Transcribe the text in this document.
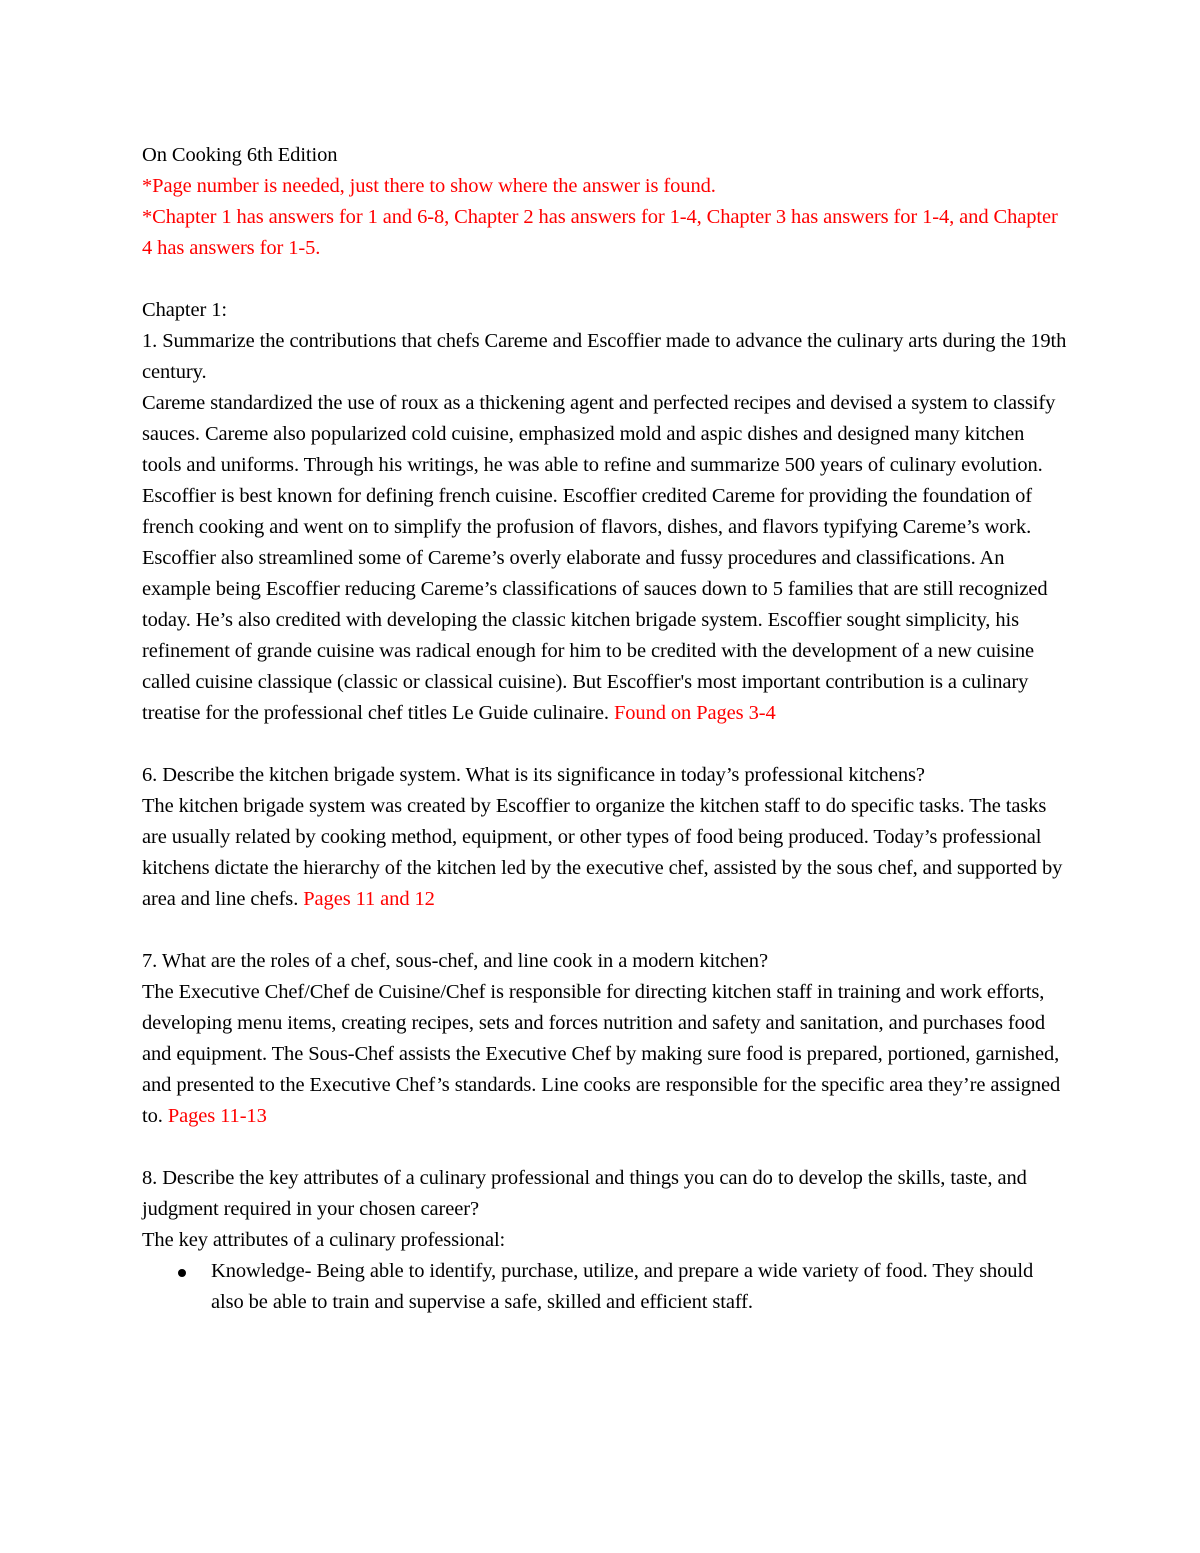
On Cooking 6th Edition
*Page number is needed, just there to show where the answer is found.
*Chapter 1 has answers for 1 and 6-8, Chapter 2 has answers for 1-4, Chapter 3 has answers for 1-4, and Chapter 4 has answers for 1-5.
Chapter 1:
1. Summarize the contributions that chefs Careme and Escoffier made to advance the culinary arts during the 19th century.
Careme standardized the use of roux as a thickening agent and perfected recipes and devised a system to classify sauces. Careme also popularized cold cuisine, emphasized mold and aspic dishes and designed many kitchen tools and uniforms. Through his writings, he was able to refine and summarize 500 years of culinary evolution.
Escoffier is best known for defining french cuisine. Escoffier credited Careme for providing the foundation of french cooking and went on to simplify the profusion of flavors, dishes, and flavors typifying Careme’s work. Escoffier also streamlined some of Careme’s overly elaborate and fussy procedures and classifications. An example being Escoffier reducing Careme’s classifications of sauces down to 5 families that are still recognized today. He’s also credited with developing the classic kitchen brigade system. Escoffier sought simplicity, his refinement of grande cuisine was radical enough for him to be credited with the development of a new cuisine called cuisine classique (classic or classical cuisine). But Escoffier's most important contribution is a culinary treatise for the professional chef titles Le Guide culinaire. Found on Pages 3-4
6. Describe the kitchen brigade system. What is its significance in today’s professional kitchens?
The kitchen brigade system was created by Escoffier to organize the kitchen staff to do specific tasks. The tasks are usually related by cooking method, equipment, or other types of food being produced. Today’s professional kitchens dictate the hierarchy of the kitchen led by the executive chef, assisted by the sous chef, and supported by area and line chefs. Pages 11 and 12
7. What are the roles of a chef, sous-chef, and line cook in a modern kitchen?
The Executive Chef/Chef de Cuisine/Chef is responsible for directing kitchen staff in training and work efforts, developing menu items, creating recipes, sets and forces nutrition and safety and sanitation, and purchases food and equipment. The Sous-Chef assists the Executive Chef by making sure food is prepared, portioned, garnished, and presented to the Executive Chef’s standards. Line cooks are responsible for the specific area they’re assigned to. Pages 11-13
8. Describe the key attributes of a culinary professional and things you can do to develop the skills, taste, and judgment required in your chosen career?
The key attributes of a culinary professional:
Knowledge- Being able to identify, purchase, utilize, and prepare a wide variety of food. They should also be able to train and supervise a safe, skilled and efficient staff.
